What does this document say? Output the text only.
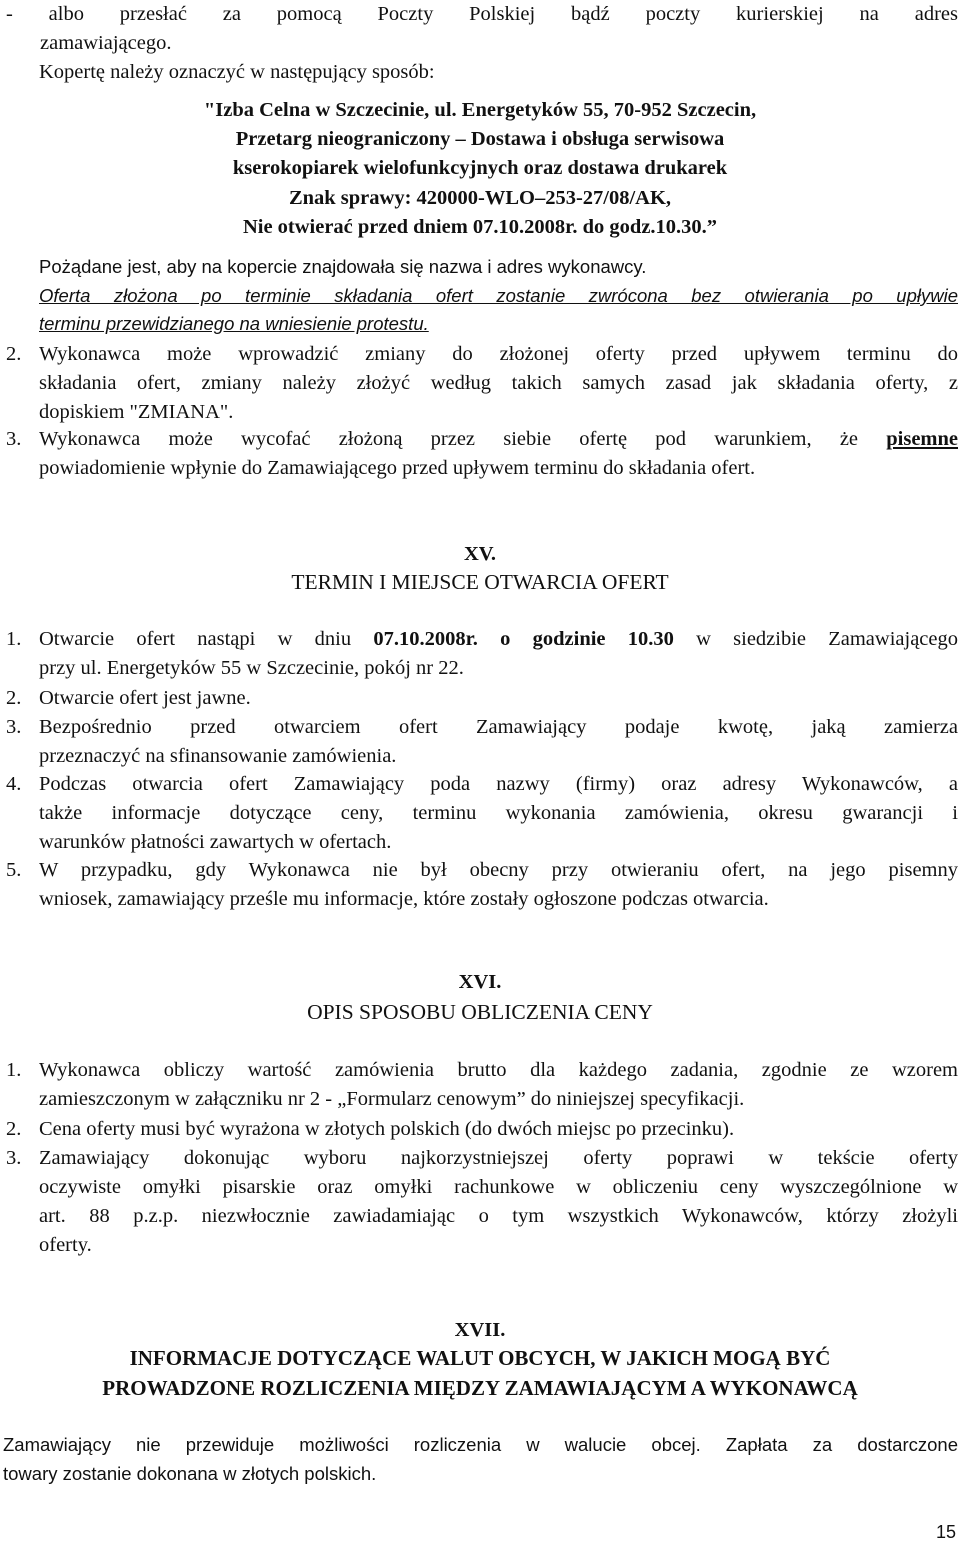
- albo przesłać za pomocą Poczty Polskiej bądź poczty kurierskiej na adres
zamawiającego.
Kopertę należy oznaczyć w następujący sposób:
"Izba Celna w Szczecinie, ul. Energetyków 55, 70-952 Szczecin,
Przetarg nieograniczony – Dostawa i obsługa serwisowa
kserokopiarek wielofunkcyjnych oraz dostawa drukarek
Znak sprawy: 420000-WLO–253-27/08/AK,
Nie otwierać przed dniem 07.10.2008r. do godz.10.30.”
Pożądane jest, aby na kopercie znajdowała się nazwa i adres wykonawcy.
Oferta złożona po terminie składania ofert zostanie zwrócona bez otwierania po upływie
terminu przewidzianego na wniesienie protestu.
2. Wykonawca może wprowadzić zmiany do złożonej oferty przed upływem terminu do
składania ofert, zmiany należy złożyć według takich samych zasad jak składania oferty, z
dopiskiem "ZMIANA".
3. Wykonawca może wycofać złożoną przez siebie ofertę pod warunkiem, że pisemne
powiadomienie wpłynie do Zamawiającego przed upływem terminu do składania ofert.
XV.
TERMIN I MIEJSCE OTWARCIA OFERT
1. Otwarcie ofert nastąpi w dniu 07.10.2008r. o godzinie 10.30 w siedzibie Zamawiającego
przy ul. Energetyków 55 w Szczecinie, pokój nr 22.
2. Otwarcie ofert jest jawne.
3. Bezpośrednio przed otwarciem ofert Zamawiający podaje kwotę, jaką zamierza
przeznaczyć na sfinansowanie zamówienia.
4. Podczas otwarcia ofert Zamawiający poda nazwy (firmy) oraz adresy Wykonawców, a
także informacje dotyczące ceny, terminu wykonania zamówienia, okresu gwarancji i
warunków płatności zawartych w ofertach.
5. W przypadku, gdy Wykonawca nie był obecny przy otwieraniu ofert, na jego pisemny
wniosek, zamawiający prześle mu informacje, które zostały ogłoszone podczas otwarcia.
XVI.
OPIS SPOSOBU OBLICZENIA CENY
1. Wykonawca obliczy wartość zamówienia brutto dla każdego zadania, zgodnie ze wzorem
zamieszczonym w załączniku nr 2 - „Formularz cenowym” do niniejszej specyfikacji.
2. Cena oferty musi być wyrażona w złotych polskich (do dwóch miejsc po przecinku).
3. Zamawiający dokonując wyboru najkorzystniejszej oferty poprawi w tekście oferty
oczywiste omyłki pisarskie oraz omyłki rachunkowe w obliczeniu ceny wyszczególnione w
art. 88 p.z.p. niezwłocznie zawiadamiając o tym wszystkich Wykonawców, którzy złożyli
oferty.
XVII.
INFORMACJE DOTYCZĄCE WALUT OBCYCH, W JAKICH MOGĄ BYĆ
PROWADZONE ROZLICZENIA MIĘDZY ZAMAWIAJĄCYM A WYKONAWCĄ
Zamawiający nie przewiduje możliwości rozliczenia w walucie obcej. Zapłata za dostarczone
towary zostanie dokonana w złotych polskich.
15
